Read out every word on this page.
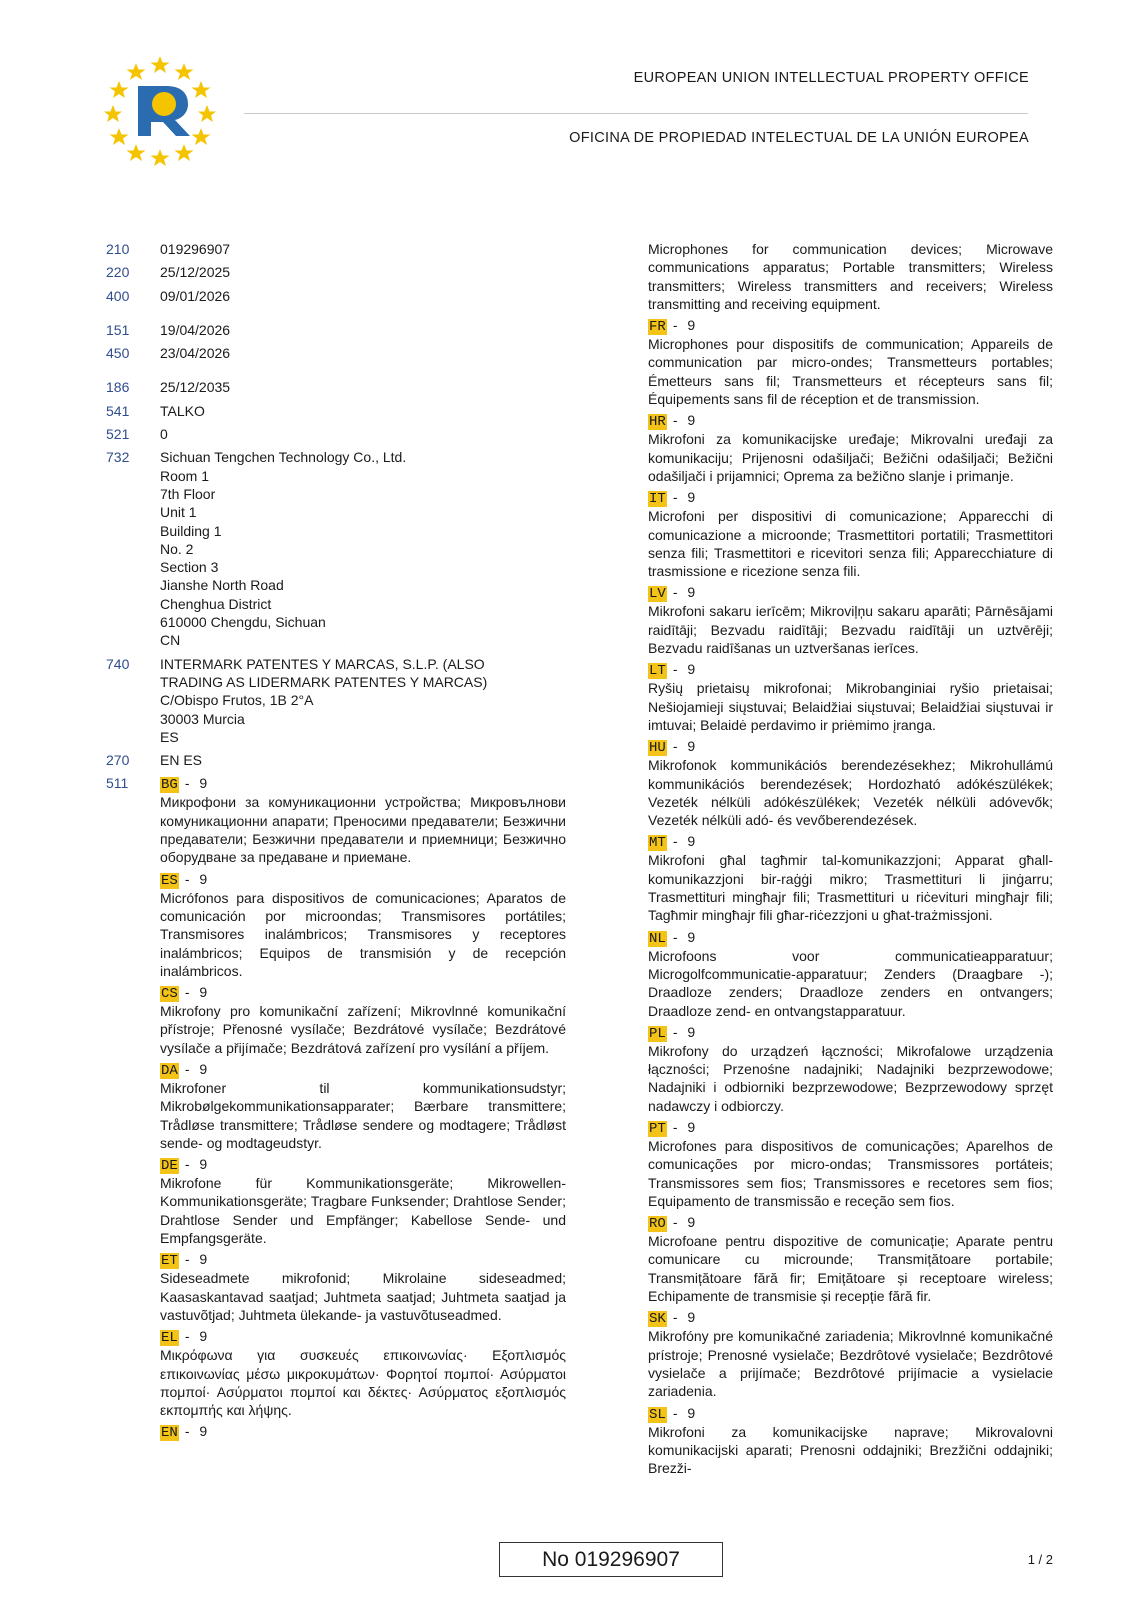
EUROPEAN UNION INTELLECTUAL PROPERTY OFFICE
OFICINA DE PROPIEDAD INTELECTUAL DE LA UNIÓN EUROPEA
210	019296907
220	25/12/2025
400	09/01/2026
151	19/04/2026
450	23/04/2026
186	25/12/2035
541	TALKO
521	0
732	Sichuan Tengchen Technology Co., Ltd.
Room 1
7th Floor
Unit 1
Building 1
No. 2
Section 3
Jianshe North Road
Chenghua District
610000 Chengdu, Sichuan
CN
740	INTERMARK PATENTES Y MARCAS, S.L.P. (ALSO
TRADING AS LIDERMARK PATENTES Y MARCAS)
C/Obispo Frutos, 1B 2°A
30003 Murcia
ES
270	EN ES
511	BG - 9
Микрофони за комуникационни устройства; Микровълнови комуникационни апарати; Преносими предаватели; Безжични предаватели; Безжични предаватели и приемници; Безжично оборудване за предаване и приемане.
ES - 9
Micrófonos para dispositivos de comunicaciones; Aparatos de comunicación por microondas; Transmisores portátiles; Transmisores inalámbricos; Transmisores y receptores inalámbricos; Equipos de transmisión y de recepción inalámbricos.
CS - 9
Mikrofony pro komunikační zařízení; Mikrovlnné komunikační přístroje; Přenosné vysílače; Bezdrátové vysílače; Bezdrátové vysílače a přijímače; Bezdrátová zařízení pro vysílání a příjem.
DA - 9
Mikrofoner til kommunikationsudstyr; Mikrobølgekommunikationsapparater; Bærbare transmittere; Trådløse transmittere; Trådløse sendere og modtagere; Trådløst sende- og modtageudstyr.
DE - 9
Mikrofone für Kommunikationsgeräte; Mikrowellen-Kommunikationsgeräte; Tragbare Funksender; Drahtlose Sender; Drahtlose Sender und Empfänger; Kabellose Sende- und Empfangsgeräte.
ET - 9
Sideseadmete mikrofonid; Mikrolaine sideseadmed; Kaasaskantavad saatjad; Juhtmeta saatjad; Juhtmeta saatjad ja vastuvõtjad; Juhtmeta ülekande- ja vastuvõtuseadmed.
EL - 9
Μικρόφωνα για συσκευές επικοινωνίας· Εξοπλισμός επικοινωνίας μέσω μικροκυμάτων· Φορητοί πομποί· Ασύρματοι πομποί· Ασύρματοι πομποί και δέκτες· Ασύρματος εξοπλισμός εκπομπής και λήψης.
EN - 9
Microphones for communication devices; Microwave communications apparatus; Portable transmitters; Wireless transmitters; Wireless transmitters and receivers; Wireless transmitting and receiving equipment.
FR - 9
Microphones pour dispositifs de communication; Appareils de communication par micro-ondes; Transmetteurs portables; Émetteurs sans fil; Transmetteurs et récepteurs sans fil; Équipements sans fil de réception et de transmission.
HR - 9
Mikrofoni za komunikacijske uređaje; Mikrovalni uređaji za komunikaciju; Prijenosni odašiljači; Bežični odašiljači; Bežični odašiljači i prijamnici; Oprema za bežično slanje i primanje.
IT - 9
Microfoni per dispositivi di comunicazione; Apparecchi di comunicazione a microonde; Trasmettitori portatili; Trasmettitori senza fili; Trasmettitori e ricevitori senza fili; Apparecchiature di trasmissione e ricezione senza fili.
LV - 9
Mikrofoni sakaru ierīcēm; Mikroviļņu sakaru aparāti; Pārnēsājami raidītāji; Bezvadu raidītāji; Bezvadu raidītāji un uztvērēji; Bezvadu raidīšanas un uztveršanas ierīces.
LT - 9
Ryšių prietaisų mikrofonai; Mikrobanginiai ryšio prietaisai; Nešiojamieji siųstuvai; Belaidžiai siųstuvai; Belaidžiai siųstuvai ir imtuvai; Belaidė perdavimo ir priėmimo įranga.
HU - 9
Mikrofonok kommunikációs berendezésekhez; Mikrohullámú kommunikációs berendezések; Hordozható adókészülékek; Vezeték nélküli adókészülékek; Vezeték nélküli adóvevők; Vezeték nélküli adó- és vevőberendezések.
MT - 9
Mikrofoni għal tagħmir tal-komunikazzjoni; Apparat għall-komunikazzjoni bir-raġġi mikro; Trasmettituri li jinġarru; Trasmettituri mingħajr fili; Trasmettituri u riċevituri mingħajr fili; Tagħmir mingħajr fili għar-riċezzjoni u għat-trażmissjoni.
NL - 9
Microfoons voor communicatieapparatuur; Microgolfcommunicatie-apparatuur; Zenders (Draagbare -); Draadloze zenders; Draadloze zenders en ontvangers; Draadloze zend- en ontvangstapparatuur.
PL - 9
Mikrofony do urządzeń łączności; Mikrofalowe urządzenia łączności; Przenośne nadajniki; Nadajniki bezprzewodowe; Nadajniki i odbiorniki bezprzewodowe; Bezprzewodowy sprzęt nadawczy i odbiorczy.
PT - 9
Microfones para dispositivos de comunicações; Aparelhos de comunicações por micro-ondas; Transmissores portáteis; Transmissores sem fios; Transmissores e recetores sem fios; Equipamento de transmissão e receção sem fios.
RO - 9
Microfoane pentru dispozitive de comunicație; Aparate pentru comunicare cu microunde; Transmițătoare portabile; Transmițătoare fără fir; Emițătoare și receptoare wireless; Echipamente de transmisie și recepție fără fir.
SK - 9
Mikrofóny pre komunikačné zariadenia; Mikrovlnné komunikačné prístroje; Prenosné vysielače; Bezdrôtové vysielače; Bezdrôtové vysielače a prijímače; Bezdrôtové prijímacie a vysielacie zariadenia.
SL - 9
Mikrofoni za komunikacijske naprave; Mikrovalovni komunikacijski aparati; Prenosni oddajniki; Brezžični oddajniki; Brezži-
No 019296907	1 / 2
